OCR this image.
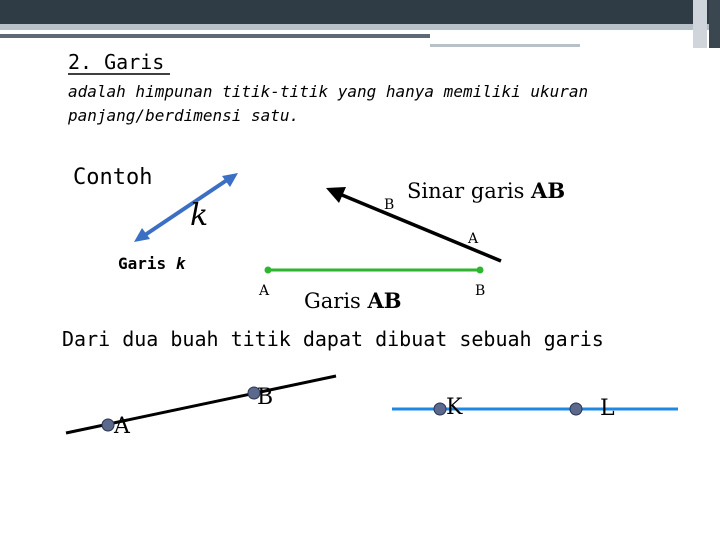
2. Garis
adalah himpunan titik-titik yang hanya memiliki ukuran
panjang/berdimensi satu.
Contoh
k
Garis k
B
Sinar garis AB
A
A Garis AB	B
Dari dua buah titik dapat dibuat sebuah garis
A
B	K	L
